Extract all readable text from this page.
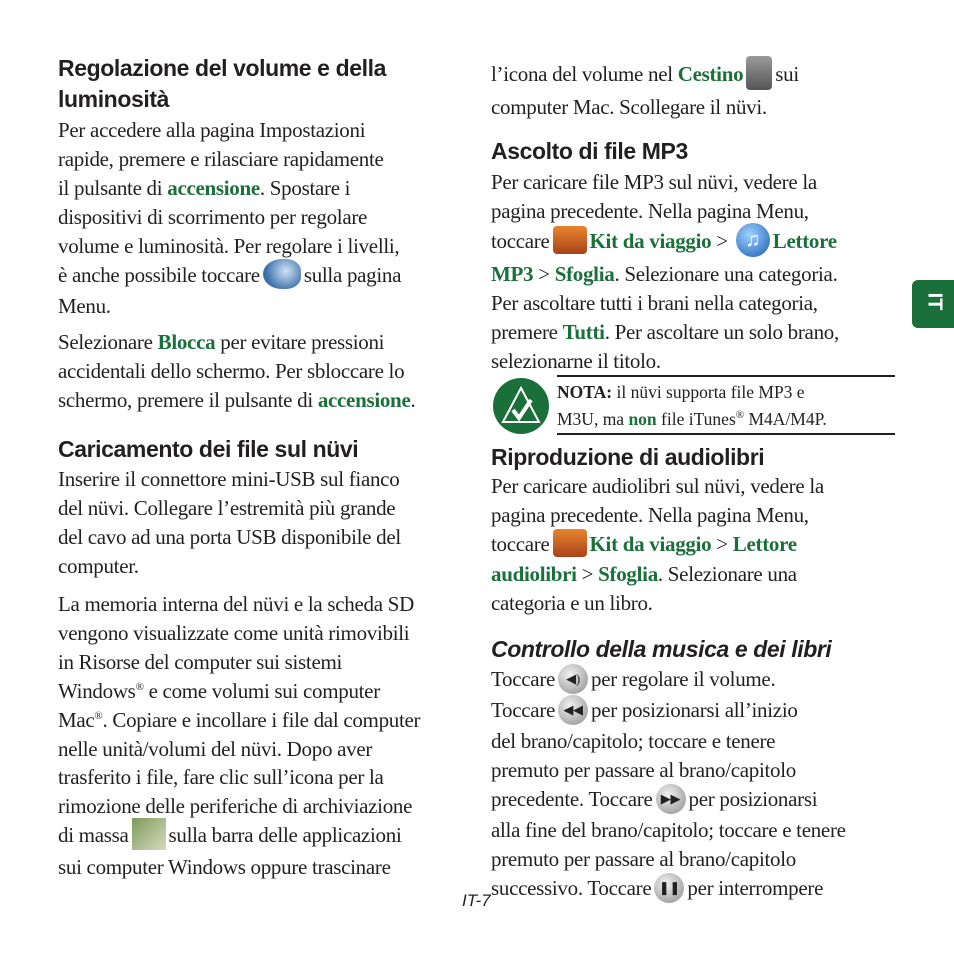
Regolazione del volume e della
luminosità
Per accedere alla pagina Impostazioni
rapide, premere e rilasciare rapidamente
il pulsante di accensione. Spostare i
dispositivi di scorrimento per regolare
volume e luminosità. Per regolare i livelli,
è anche possibile toccare sulla pagina
Menu.
Selezionare Blocca per evitare pressioni
accidentali dello schermo. Per sbloccare lo
schermo, premere il pulsante di accensione.
Caricamento dei file sul nüvi
Inserire il connettore mini-USB sul fianco
del nüvi. Collegare l’estremità più grande
del cavo ad una porta USB disponibile del
computer.
La memoria interna del nüvi e la scheda SD
vengono visualizzate come unità rimovibili
in Risorse del computer sui sistemi
Windows® e come volumi sui computer
Mac®. Copiare e incollare i file dal computer
nelle unità/volumi del nüvi. Dopo aver
trasferito i file, fare clic sull’icona per la
rimozione delle periferiche di archiviazione
di massa sulla barra delle applicazioni
sui computer Windows oppure trascinare
l’icona del volume nel Cestino sui
computer Mac. Scollegare il nüvi.
Ascolto di file MP3
Per caricare file MP3 sul nüvi, vedere la
pagina precedente. Nella pagina Menu,
toccare Kit da viaggio > ♫ Lettore
MP3 > Sfoglia. Selezionare una categoria.
Per ascoltare tutti i brani nella categoria,
premere Tutti. Per ascoltare un solo brano,
selezionarne il titolo.
NOTA: il nüvi supporta file MP3 e
M3U, ma non file iTunes® M4A/M4P.
Riproduzione di audiolibri
Per caricare audiolibri sul nüvi, vedere la
pagina precedente. Nella pagina Menu,
toccare Kit da viaggio > Lettore
audiolibri > Sfoglia. Selezionare una
categoria e un libro.
Controllo della musica e dei libri
Toccare ◀) per regolare il volume.
Toccare ◀◀ per posizionarsi all’inizio
del brano/capitolo; toccare e tenere
premuto per passare al brano/capitolo
precedente. Toccare ▶▶ per posizionarsi
alla fine del brano/capitolo; toccare e tenere
premuto per passare al brano/capitolo
successivo. Toccare ❚❚ per interrompere
IT
IT-7
